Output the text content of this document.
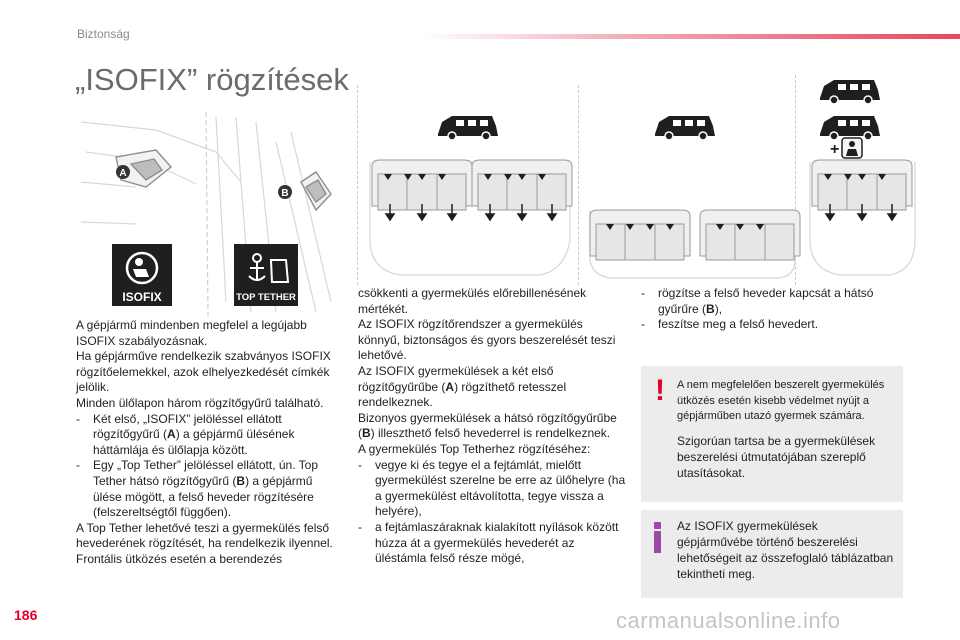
Biztonság
„ISOFIX” rögzítések
A
B
ISOFIX	TOP TETHER
+

A gépjármű mindenben megfelel a legújabb ISOFIX szabályozásnak.

Ha gépjárműve rendelkezik szabványos ISOFIX rögzítőelemekkel, azok elhelyezkedését címkék jelölik.

Minden ülőlapon három rögzítőgyűrű található.

- Két első, „ISOFIX” jelöléssel ellátott rögzítőgyűrű (A) a gépjármű ülésének háttámlája és ülőlapja között.

- Egy „Top Tether” jelöléssel ellátott, ún. Top Tether hátsó rögzítőgyűrű (B) a gépjármű ülése mögött, a felső heveder rögzítésére (felszereltségtől függően).

A Top Tether lehetővé teszi a gyermekülés felső hevederének rögzítését, ha rendelkezik ilyennel. Frontális ütközés esetén a berendezés

csökkenti a gyermekülés előrebillenésének mértékét.

Az ISOFIX rögzítőrendszer a gyermekülés könnyű, biztonságos és gyors beszerelését teszi lehetővé.

Az ISOFIX gyermekülések a két első rögzítőgyűrűbe (A) rögzíthető retesszel rendelkeznek.

Bizonyos gyermekülések a hátsó rögzítőgyűrűbe (B) illeszthető felső hevederrel is rendelkeznek.

A gyermekülés Top Tetherhez rögzítéséhez:

- vegye ki és tegye el a fejtámlát, mielőtt gyermekülést szerelne be erre az ülőhelyre (ha a gyermekülést eltávolította, tegye vissza a helyére),

- a fejtámlaszáraknak kialakított nyílások között húzza át a gyermekülés hevederét az üléstámla felső része mögé,

- rögzítse a felső heveder kapcsát a hátsó gyűrűre (B),

- feszítse meg a felső hevedert.

! A nem megfelelően beszerelt gyermekülés ütközés esetén kisebb védelmet nyújt a gépjárműben utazó gyermek számára.
Szigorúan tartsa be a gyermekülések beszerelési útmutatójában szereplő utasításokat.
Az ISOFIX gyermekülések gépjárművébe történő beszerelési lehetőségeit az összefoglaló táblázatban tekintheti meg.
186	carmanualsonline.info
